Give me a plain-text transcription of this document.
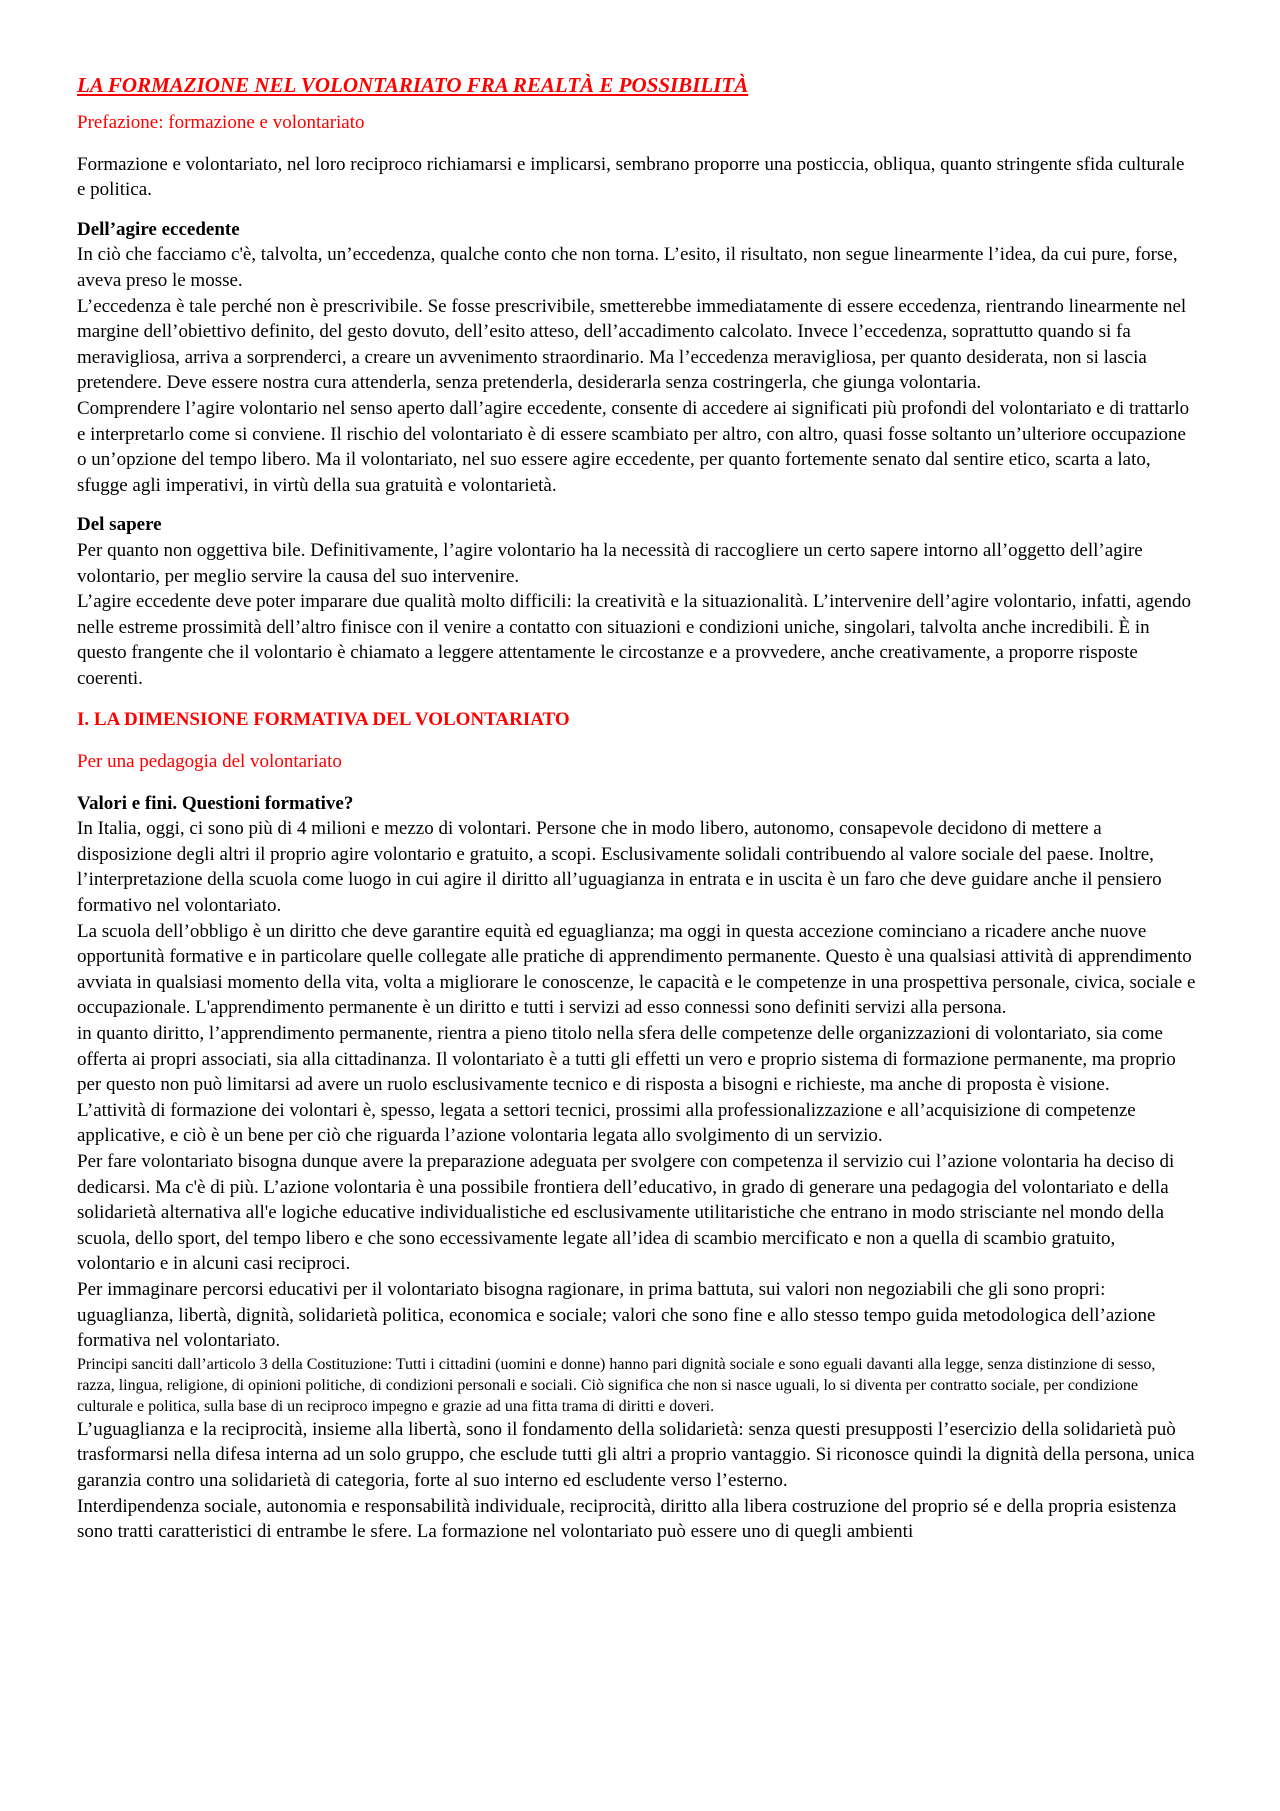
LA FORMAZIONE NEL VOLONTARIATO FRA REALTÀ E POSSIBILITÀ
Prefazione: formazione e volontariato

Formazione e volontariato, nel loro reciproco richiamarsi e implicarsi, sembrano proporre una posticcia, obliqua, quanto stringente sfida culturale e politica.

Dell’agire eccedente

In ciò che facciamo c'è, talvolta, un’eccedenza, qualche conto che non torna. L’esito, il risultato, non segue linearmente l’idea, da cui pure, forse, aveva preso le mosse.

L’eccedenza è tale perché non è prescrivibile. Se fosse prescrivibile, smetterebbe immediatamente di essere eccedenza, rientrando linearmente nel margine dell’obiettivo definito, del gesto dovuto, dell’esito atteso, dell’accadimento calcolato. Invece l’eccedenza, soprattutto quando si fa meravigliosa, arriva a sorprenderci, a creare un avvenimento straordinario. Ma l’eccedenza meravigliosa, per quanto desiderata, non si lascia pretendere. Deve essere nostra cura attenderla, senza pretenderla, desiderarla senza costringerla, che giunga volontaria.

Comprendere l’agire volontario nel senso aperto dall’agire eccedente, consente di accedere ai significati più profondi del volontariato e di trattarlo e interpretarlo come si conviene. Il rischio del volontariato è di essere scambiato per altro, con altro, quasi fosse soltanto un’ulteriore occupazione o un’opzione del tempo libero. Ma il volontariato, nel suo essere agire eccedente, per quanto fortemente senato dal sentire etico, scarta a lato, sfugge agli imperativi, in virtù della sua gratuità e volontarietà.

Del sapere

Per quanto non oggettiva bile. Definitivamente, l’agire volontario ha la necessità di raccogliere un certo sapere intorno all’oggetto dell’agire volontario, per meglio servire la causa del suo intervenire.

L’agire eccedente deve poter imparare due qualità molto difficili: la creatività e la situazionalità. L’intervenire dell’agire volontario, infatti, agendo nelle estreme prossimità dell’altro finisce con il venire a contatto con situazioni e condizioni uniche, singolari, talvolta anche incredibili. È in questo frangente che il volontario è chiamato a leggere attentamente le circostanze e a provvedere, anche creativamente, a proporre risposte coerenti.

I. LA DIMENSIONE FORMATIVA DEL VOLONTARIATO
Per una pedagogia del volontariato

Valori e fini. Questioni formative?

In Italia, oggi, ci sono più di 4 milioni e mezzo di volontari. Persone che in modo libero, autonomo, consapevole decidono di mettere a disposizione degli altri il proprio agire volontario e gratuito, a scopi. Esclusivamente solidali contribuendo al valore sociale del paese. Inoltre, l’interpretazione della scuola come luogo in cui agire il diritto all’uguagianza in entrata e in uscita è un faro che deve guidare anche il pensiero formativo nel volontariato.

La scuola dell’obbligo è un diritto che deve garantire equità ed eguaglianza; ma oggi in questa accezione cominciano a ricadere anche nuove opportunità formative e in particolare quelle collegate alle pratiche di apprendimento permanente. Questo è una qualsiasi attività di apprendimento avviata in qualsiasi momento della vita, volta a migliorare le conoscenze, le capacità e le competenze in una prospettiva personale, civica, sociale e occupazionale. L'apprendimento permanente è un diritto e tutti i servizi ad esso connessi sono definiti servizi alla persona.

in quanto diritto, l’apprendimento permanente, rientra a pieno titolo nella sfera delle competenze delle organizzazioni di volontariato, sia come offerta ai propri associati, sia alla cittadinanza. Il volontariato è a tutti gli effetti un vero e proprio sistema di formazione permanente, ma proprio per questo non può limitarsi ad avere un ruolo esclusivamente tecnico e di risposta a bisogni e richieste, ma anche di proposta è visione.

L’attività di formazione dei volontari è, spesso, legata a settori tecnici, prossimi alla professionalizzazione e all’acquisizione di competenze applicative, e ciò è un bene per ciò che riguarda l’azione volontaria legata allo svolgimento di un servizio.

Per fare volontariato bisogna dunque avere la preparazione adeguata per svolgere con competenza il servizio cui l’azione volontaria ha deciso di dedicarsi. Ma c'è di più. L’azione volontaria è una possibile frontiera dell’educativo, in grado di generare una pedagogia del volontariato e della solidarietà alternativa all'e logiche educative individualistiche ed esclusivamente utilitaristiche che entrano in modo strisciante nel mondo della scuola, dello sport, del tempo libero e che sono eccessivamente legate all’idea di scambio mercificato e non a quella di scambio gratuito, volontario e in alcuni casi reciproci.

Per immaginare percorsi educativi per il volontariato bisogna ragionare, in prima battuta, sui valori non negoziabili che gli sono propri: uguaglianza, libertà, dignità, solidarietà politica, economica e sociale; valori che sono fine e allo stesso tempo guida metodologica dell’azione formativa nel volontariato.

Principi sanciti dall’articolo 3 della Costituzione: Tutti i cittadini (uomini e donne) hanno pari dignità sociale e sono eguali davanti alla legge, senza distinzione di sesso, razza, lingua, religione, di opinioni politiche, di condizioni personali e sociali. Ciò significa che non si nasce uguali, lo si diventa per contratto sociale, per condizione culturale e politica, sulla base di un reciproco impegno e grazie ad una fitta trama di diritti e doveri.

L’uguaglianza e la reciprocità, insieme alla libertà, sono il fondamento della solidarietà: senza questi presupposti l’esercizio della solidarietà può trasformarsi nella difesa interna ad un solo gruppo, che esclude tutti gli altri a proprio vantaggio. Si riconosce quindi la dignità della persona, unica garanzia contro una solidarietà di categoria, forte al suo interno ed escludente verso l’esterno.

Interdipendenza sociale, autonomia e responsabilità individuale, reciprocità, diritto alla libera costruzione del proprio sé e della propria esistenza sono tratti caratteristici di entrambe le sfere. La formazione nel volontariato può essere uno di quegli ambienti
